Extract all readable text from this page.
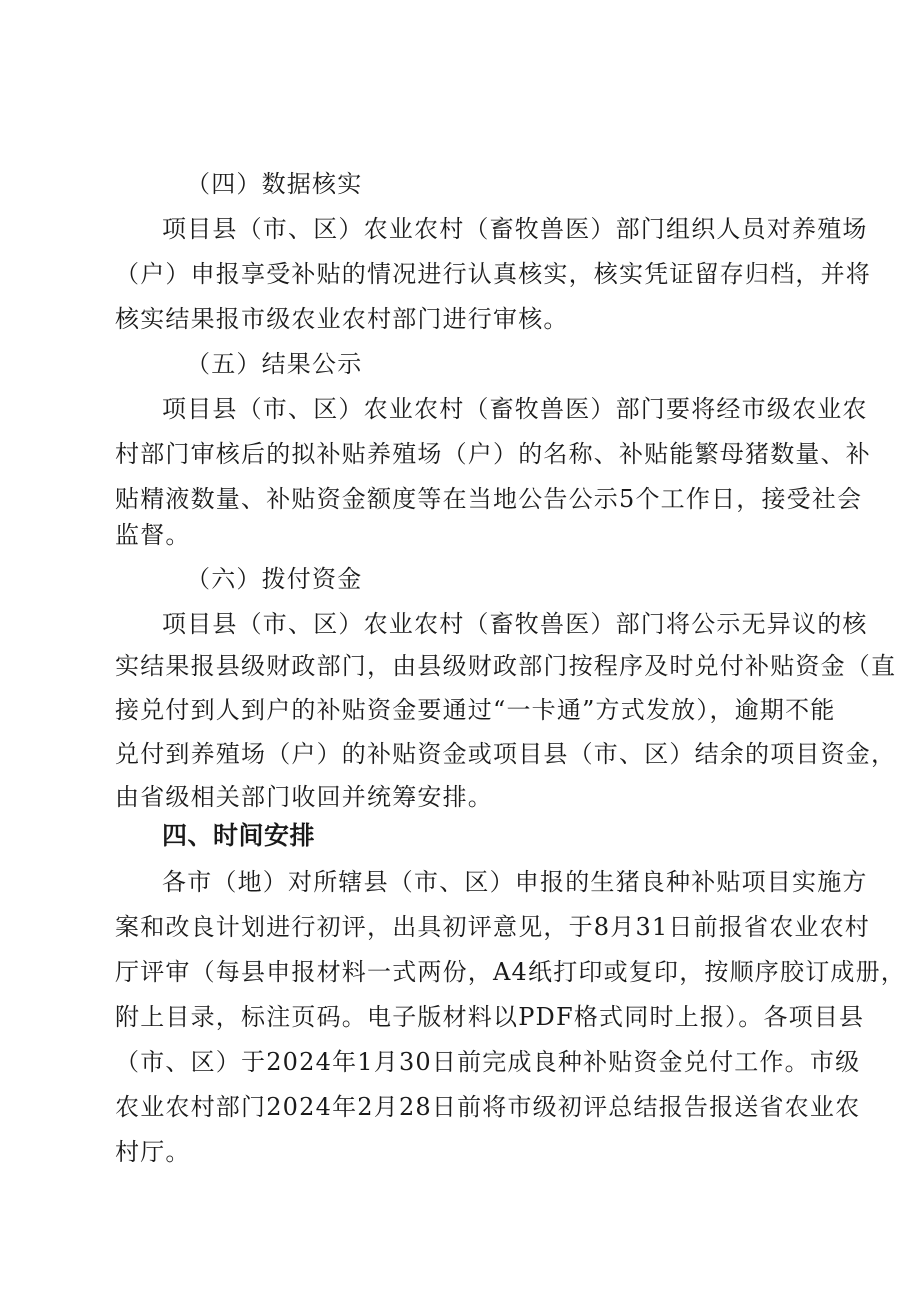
（四）数据核实
项目县（市、区）农业农村（畜牧兽医）部门组织人员对养殖场
（户）申报享受补贴的情况进行认真核实，核实凭证留存归档，并将
核实结果报市级农业农村部门进行审核。
（五）结果公示
项目县（市、区）农业农村（畜牧兽医）部门要将经市级农业农
村部门审核后的拟补贴养殖场（户）的名称、补贴能繁母猪数量、补
贴精液数量、补贴资金额度等在当地公告公示5个工作日，接受社会
监督。
（六）拨付资金
项目县（市、区）农业农村（畜牧兽医）部门将公示无异议的核
实结果报县级财政部门，由县级财政部门按程序及时兑付补贴资金（直
接兑付到人到户的补贴资金要通过“一卡通”方式发放），逾期不能
兑付到养殖场（户）的补贴资金或项目县（市、区）结余的项目资金，
由省级相关部门收回并统筹安排。
四、时间安排
各市（地）对所辖县（市、区）申报的生猪良种补贴项目实施方
案和改良计划进行初评，出具初评意见，于8月31日前报省农业农村
厅评审（每县申报材料一式两份，A4纸打印或复印，按顺序胶订成册，
附上目录，标注页码。电子版材料以PDF格式同时上报）。各项目县
（市、区）于2024年1月30日前完成良种补贴资金兑付工作。市级
农业农村部门2024年2月28日前将市级初评总结报告报送省农业农
村厅。
